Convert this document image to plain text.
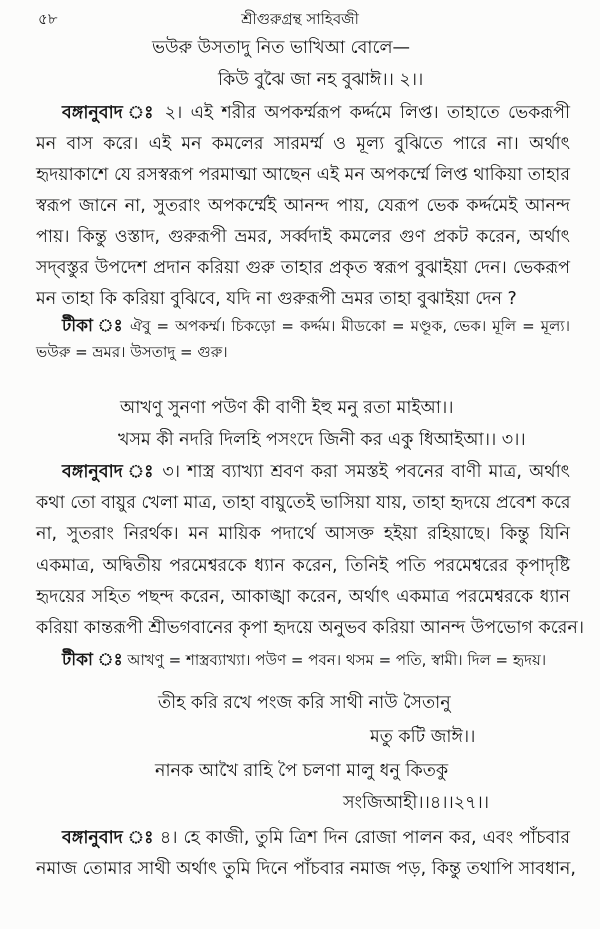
৫৮	শ্রীগুরুগ্রন্থ সাহিবজী
ভউরু উসতাদু নিত ভাখিআ বোলে—
কিউ বুঝৈ জা নহ বুঝাঈ।। ২।।
বঙ্গানুবাদ ঃ ২। এই শরীর অপকর্ম্মরূপ কর্দ্দমে লিপ্ত। তাহাতে ভেকরূপী
মন বাস করে। এই মন কমলের সারমর্ম্ম ও মূল্য বুঝিতে পারে না। অর্থাৎ
হৃদয়াকাশে যে রসস্বরূপ পরমাত্মা আছেন এই মন অপকর্ম্মে লিপ্ত থাকিয়া তাহার
স্বরূপ জানে না, সুতরাং অপকর্ম্মেই আনন্দ পায়, যেরূপ ভেক কর্দ্দমেই আনন্দ
পায়। কিন্তু ওস্তাদ, গুরুরূপী ভ্রমর, সর্ব্বদাই কমলের গুণ প্রকট করেন, অর্থাৎ
সদ্‌বস্তুর উপদেশ প্রদান করিয়া গুরু তাহার প্রকৃত স্বরূপ বুঝাইয়া দেন। ভেকরূপ
মন তাহা কি করিয়া বুঝিবে, যদি না গুরুরূপী ভ্রমর তাহা বুঝাইয়া দেন ?
টীকা ঃ ঐবু = অপকর্ম্ম। চিকড়ো = কর্দ্দম। মীডকো = মণ্ডূক, ভেক। মূলি = মূল্য।
ভউরু = ভ্রমর। উসতাদু = গুরু।
আখণু সুনণা পউণ কী বাণী ইহু মনু রতা মাইআ।।
খসম কী নদরি দিলহি পসংদে জিনী কর একু ধিআইআ।। ৩।।
বঙ্গানুবাদ ঃ ৩। শাস্ত্র ব্যাখ্যা শ্রবণ করা সমস্তই পবনের বাণী মাত্র, অর্থাৎ
কথা তো বায়ুর খেলা মাত্র, তাহা বায়ুতেই ভাসিয়া যায়, তাহা হৃদয়ে প্রবেশ করে
না, সুতরাং নিরর্থক। মন মায়িক পদার্থে আসক্ত হইয়া রহিয়াছে। কিন্তু যিনি
একমাত্র, অদ্বিতীয় পরমেশ্বরকে ধ্যান করেন, তিনিই পতি পরমেশ্বরের কৃপাদৃষ্টি
হৃদয়ের সহিত পছন্দ করেন, আকাঙ্খা করেন, অর্থাৎ একমাত্র পরমেশ্বরকে ধ্যান
করিয়া কান্তরূপী শ্রীভগবানের কৃপা হৃদয়ে অনুভব করিয়া আনন্দ উপভোগ করেন।
টীকা ঃ আখণু = শাস্ত্রব্যাখ্যা। পউণ = পবন। থসম = পতি, স্বামী। দিল = হৃদয়।
তীহ করি রখে পংজ করি সাথী নাউ সৈতানু
মতু কটি জাঈ।।
নানক আখৈ রাহি পৈ চলণা মালু ধনু কিতকু
সংজিআহী।।৪।।২৭।।
বঙ্গানুবাদ ঃ ৪। হে কাজী, তুমি ত্রিশ দিন রোজা পালন কর, এবং পাঁচবার
নমাজ তোমার সাথী অর্থাৎ তুমি দিনে পাঁচবার নমাজ পড়, কিন্তু তথাপি সাবধান,
